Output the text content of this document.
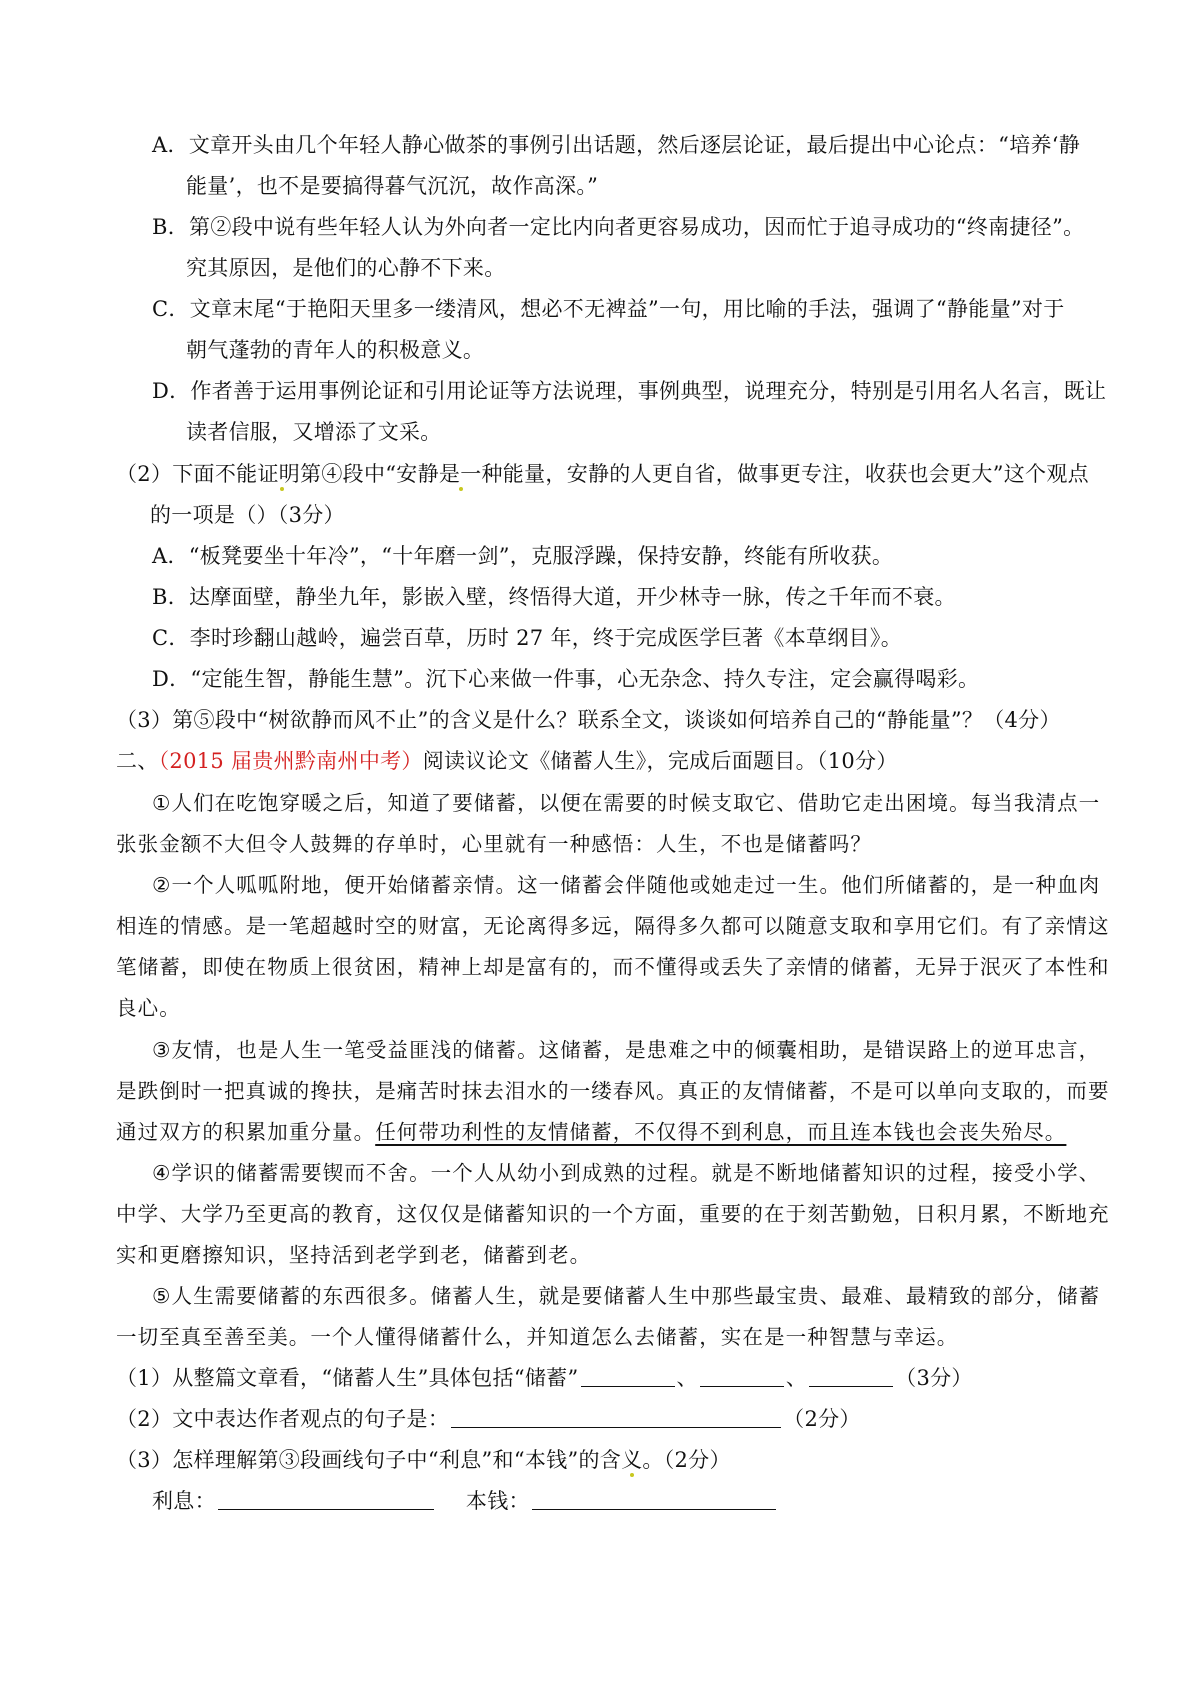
A．文章开头由几个年轻人静心做茶的事例引出话题，然后逐层论证，最后提出中心论点：“培养‘静
能量’，也不是要搞得暮气沉沉，故作高深。”
B．第②段中说有些年轻人认为外向者一定比内向者更容易成功，因而忙于追寻成功的“终南捷径”。
究其原因，是他们的心静不下来。
C．文章末尾“于艳阳天里多一缕清风，想必不无裨益”一句，用比喻的手法，强调了“静能量”对于
朝气蓬勃的青年人的积极意义。
D．作者善于运用事例论证和引用论证等方法说理，事例典型，说理充分，特别是引用名人名言，既让
读者信服，又增添了文采。
（2）下面不能证明第④段中“安静是一种能量，安静的人更自省，做事更专注，收获也会更大”这个观点
的一项是（）（3分）
A．“板凳要坐十年冷”，“十年磨一剑”，克服浮躁，保持安静，终能有所收获。
B．达摩面壁，静坐九年，影嵌入壁，终悟得大道，开少林寺一脉，传之千年而不衰。
C．李时珍翻山越岭，遍尝百草，历时 27 年，终于完成医学巨著《本草纲目》。
D．“定能生智，静能生慧”。沉下心来做一件事，心无杂念、持久专注，定会赢得喝彩。
（3）第⑤段中“树欲静而风不止”的含义是什么？联系全文，谈谈如何培养自己的“静能量”？（4分）
二、（2015 届贵州黔南州中考）阅读议论文《储蓄人生》，完成后面题目。（10分）
①人们在吃饱穿暖之后，知道了要储蓄，以便在需要的时候支取它、借助它走出困境。每当我清点一
张张金额不大但令人鼓舞的存单时，心里就有一种感悟：人生，不也是储蓄吗？
②一个人呱呱附地，便开始储蓄亲情。这一储蓄会伴随他或她走过一生。他们所储蓄的，是一种血肉
相连的情感。是一笔超越时空的财富，无论离得多远，隔得多久都可以随意支取和享用它们。有了亲情这
笔储蓄，即使在物质上很贫困，精神上却是富有的，而不懂得或丢失了亲情的储蓄，无异于泯灭了本性和
良心。
③友情，也是人生一笔受益匪浅的储蓄。这储蓄，是患难之中的倾囊相助，是错误路上的逆耳忠言，
是跌倒时一把真诚的搀扶，是痛苦时抹去泪水的一缕春风。真正的友情储蓄，不是可以单向支取的，而要
通过双方的积累加重分量。任何带功利性的友情储蓄，不仅得不到利息，而且连本钱也会丧失殆尽。
④学识的储蓄需要锲而不舍。一个人从幼小到成熟的过程。就是不断地储蓄知识的过程，接受小学、
中学、大学乃至更高的教育，这仅仅是储蓄知识的一个方面，重要的在于刻苦勤勉，日积月累，不断地充
实和更磨擦知识，坚持活到老学到老，储蓄到老。
⑤人生需要储蓄的东西很多。储蓄人生，就是要储蓄人生中那些最宝贵、最难、最精致的部分，储蓄
一切至真至善至美。一个人懂得储蓄什么，并知道怎么去储蓄，实在是一种智慧与幸运。
（1）从整篇文章看，“储蓄人生”具体包括“储蓄”	、	、	（3分）
（2）文中表达作者观点的句子是：	（2分）
（3）怎样理解第③段画线句子中“利息”和“本钱”的含义。（2分）
利息：	本钱：
